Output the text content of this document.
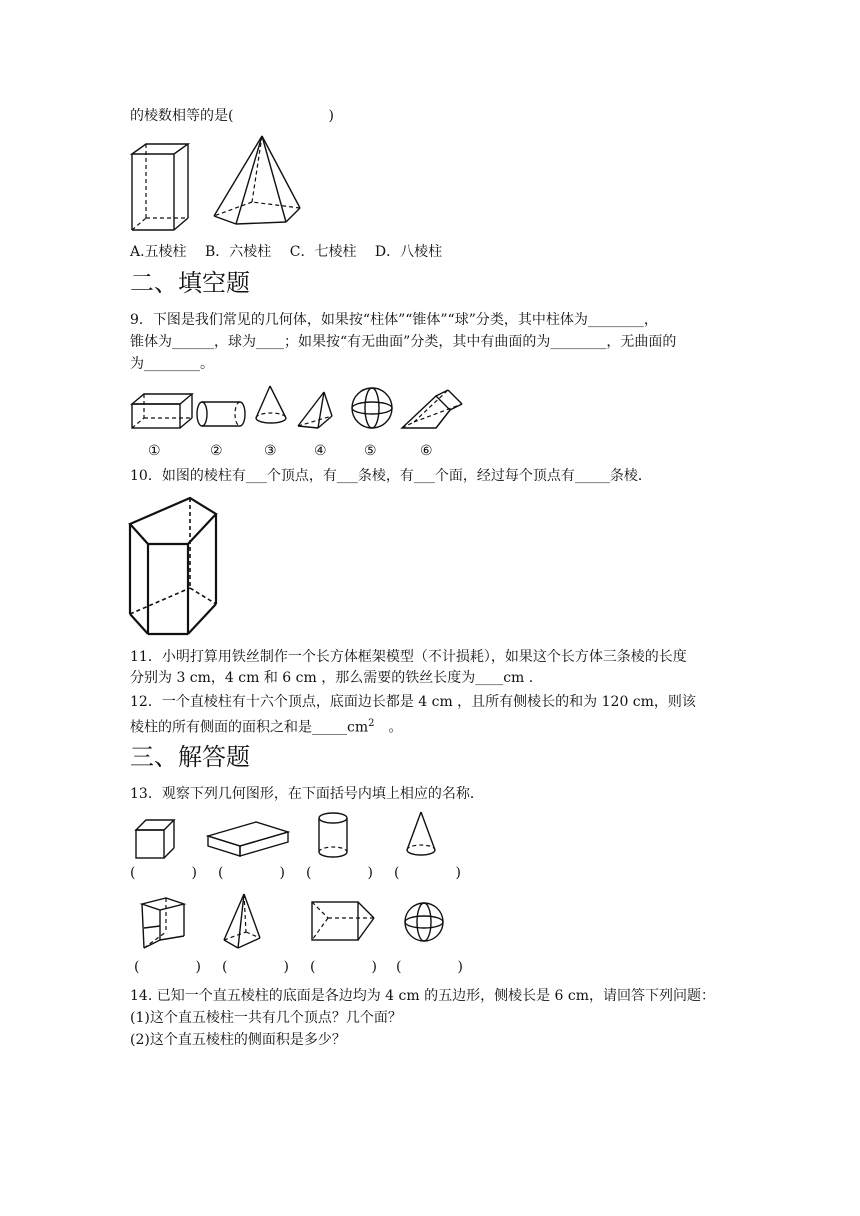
的棱数相等的是(	)
A.五棱柱　 B．六棱柱　 C．七棱柱　 D．八棱柱
二、填空题
9．下图是我们常见的几何体，如果按“柱体”“锥体”“球”分类，其中柱体为________，
锥体为______，球为____；如果按“有无曲面”分类，其中有曲面的为________，无曲面的
为________。
①	②	③	④	⑤	⑥
10．如图的棱柱有___个顶点，有___条棱，有___个面，经过每个顶点有_____条棱．
11．小明打算用铁丝制作一个长方体框架模型（不计损耗），如果这个长方体三条棱的长度
分别为 3 cm，4 cm 和 6 cm ，那么需要的铁丝长度为____cm .
12．一个直棱柱有十六个顶点，底面边长都是 4 cm ，且所有侧棱长的和为 120 cm，则该
棱柱的所有侧面的面积之和是$\_\_\_\_\_cm^2$　。
三、解答题
13．观察下列几何图形，在下面括号内填上相应的名称．
(　　　　) (　　　　) (　　　　) (　　　　)
(　　　　) (　　　　) (　　　　) (　　　　)
14. 已知一个直五棱柱的底面是各边均为 4 cm 的五边形，侧棱长是 6 cm，请回答下列问题：
(1)这个直五棱柱一共有几个顶点？几个面？
(2)这个直五棱柱的侧面积是多少？
